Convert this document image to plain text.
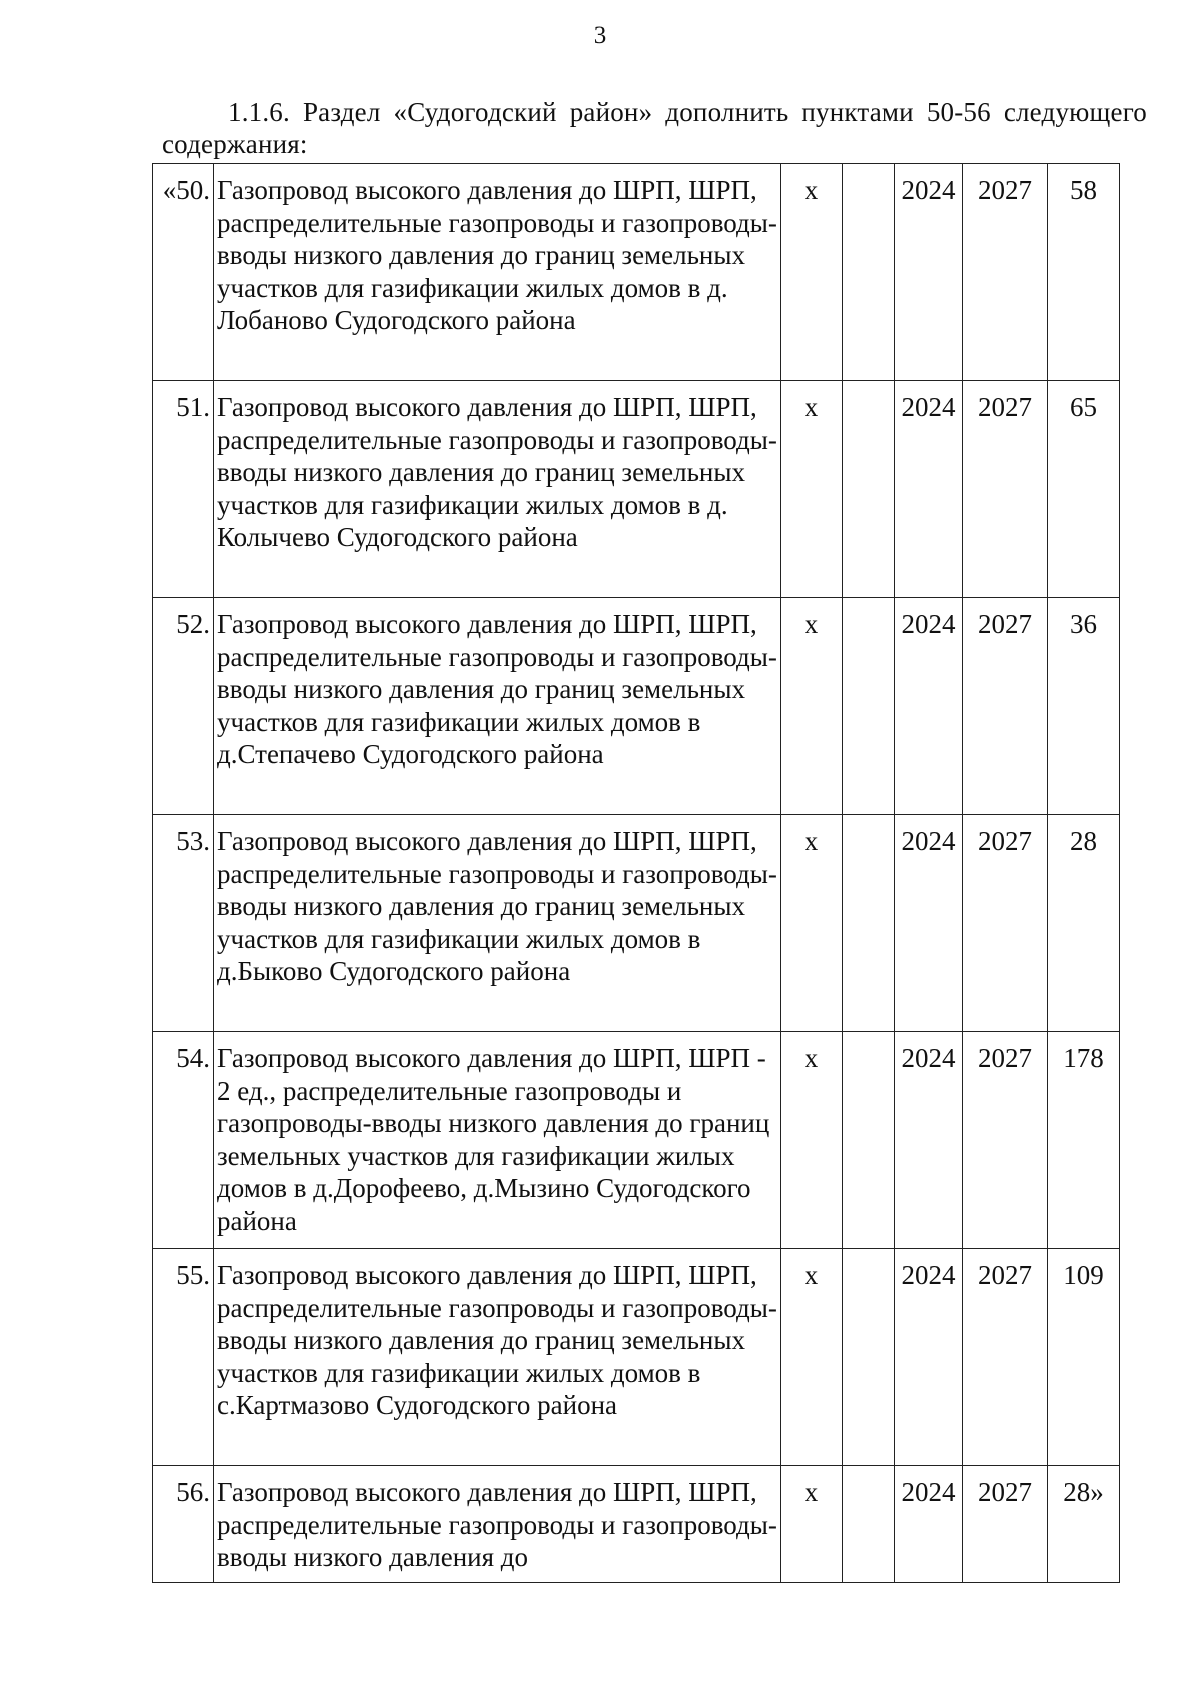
3
1.1.6. Раздел «Судогодский район» дополнить пунктами 50-56 следующего содержания:
«50.	Газопровод высокого давления до ШРП, ШРП, распределительные газопроводы и газопроводы-вводы низкого давления до границ земельных участков для газификации жилых домов в д. Лобаново Судогодского района	х		2024	2027	58
51.	Газопровод высокого давления до ШРП, ШРП, распределительные газопроводы и газопроводы-вводы низкого давления до границ земельных участков для газификации жилых домов в д. Колычево Судогодского района	х		2024	2027	65
52.	Газопровод высокого давления до ШРП, ШРП, распределительные газопроводы и газопроводы-вводы низкого давления до границ земельных участков для газификации жилых домов в д.Степачево Судогодского района	х		2024	2027	36
53.	Газопровод высокого давления до ШРП, ШРП, распределительные газопроводы и газопроводы-вводы низкого давления до границ земельных участков для газификации жилых домов в д.Быково Судогодского района	х		2024	2027	28
54.	Газопровод высокого давления до ШРП, ШРП - 2 ед., распределительные газопроводы и газопроводы-вводы низкого давления до границ земельных участков для газификации жилых домов в д.Дорофеево, д.Мызино Судогодского района	х		2024	2027	178
55.	Газопровод высокого давления до ШРП, ШРП, распределительные газопроводы и газопроводы-вводы низкого давления до границ земельных участков для газификации жилых домов в с.Картмазово Судогодского района	х		2024	2027	109
56.	Газопровод высокого давления до ШРП, ШРП, распределительные газопроводы и газопроводы-вводы низкого давления до	х		2024	2027	28»
